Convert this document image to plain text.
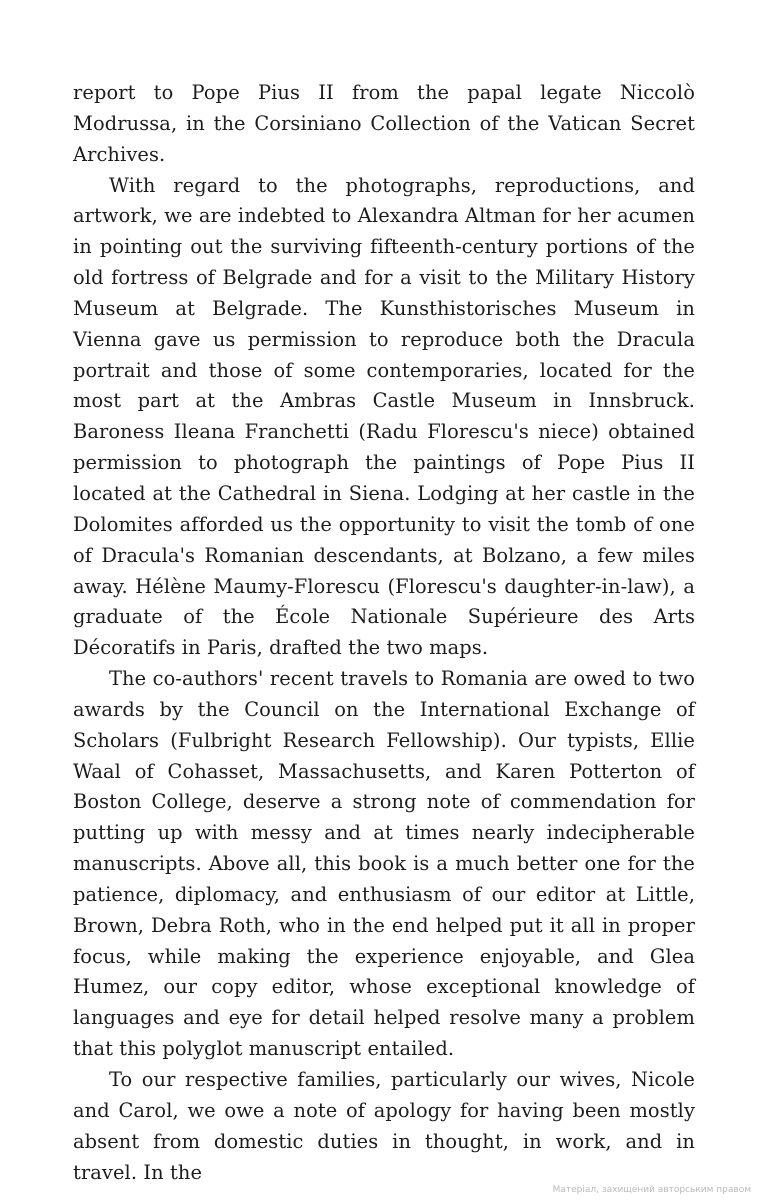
report to Pope Pius II from the papal legate Niccolò Modrussa, in the Corsiniano Collection of the Vatican Secret Archives.

With regard to the photographs, reproductions, and artwork, we are indebted to Alexandra Altman for her acumen in pointing out the surviving fifteenth-century portions of the old fortress of Belgrade and for a visit to the Military History Museum at Belgrade. The Kunsthistorisches Museum in Vienna gave us permission to reproduce both the Dracula portrait and those of some contemporaries, located for the most part at the Ambras Castle Museum in Innsbruck. Baroness Ileana Franchetti (Radu Florescu's niece) obtained permission to photograph the paintings of Pope Pius II located at the Cathedral in Siena. Lodging at her castle in the Dolomites afforded us the opportunity to visit the tomb of one of Dracula's Romanian descendants, at Bolzano, a few miles away. Hélène Maumy-Florescu (Florescu's daughter-in-law), a graduate of the École Nationale Supérieure des Arts Décoratifs in Paris, drafted the two maps.

The co-authors' recent travels to Romania are owed to two awards by the Council on the International Exchange of Scholars (Fulbright Research Fellowship). Our typists, Ellie Waal of Cohasset, Massachusetts, and Karen Potterton of Boston College, deserve a strong note of commendation for putting up with messy and at times nearly indecipherable manuscripts. Above all, this book is a much better one for the patience, diplomacy, and enthusiasm of our editor at Little, Brown, Debra Roth, who in the end helped put it all in proper focus, while making the experience enjoyable, and Glea Humez, our copy editor, whose exceptional knowledge of languages and eye for detail helped resolve many a problem that this polyglot manuscript entailed.

To our respective families, particularly our wives, Nicole and Carol, we owe a note of apology for having been mostly absent from domestic duties in thought, in work, and in travel. In the

Матеріал, захищений авторським правом
